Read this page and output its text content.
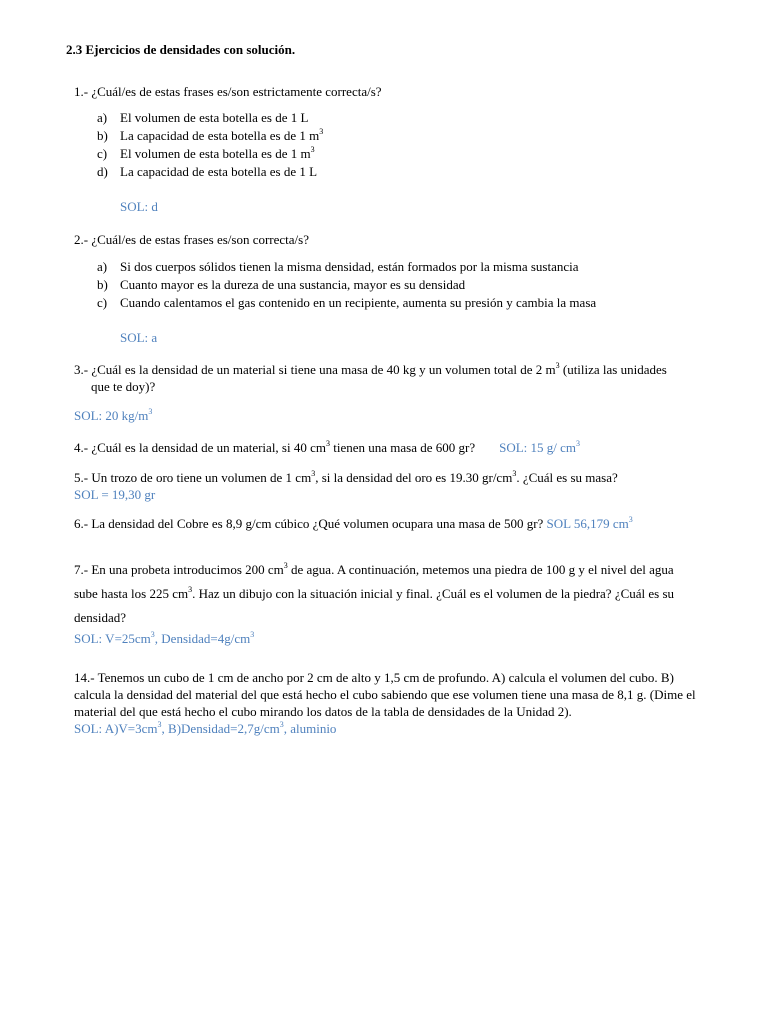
2.3 Ejercicios de densidades con solución.

1.- ¿Cuál/es de estas frases es/son estrictamente correcta/s?

a) El volumen de esta botella es de 1 L
b) La capacidad de esta botella es de 1 $m^3$
c) El volumen de esta botella es de 1 $m^3$
d) La capacidad de esta botella es de 1 L
SOL: d

2.- ¿Cuál/es de estas frases es/son correcta/s?

a) Si dos cuerpos sólidos tienen la misma densidad, están formados por la misma sustancia
b) Cuanto mayor es la dureza de una sustancia, mayor es su densidad
c) Cuando calentamos el gas contenido en un recipiente, aumenta su presión y cambia la masa
SOL: a

3.- ¿Cuál es la densidad de un material si tiene una masa de 40 kg y un volumen total de 2 $m^3$ (utiliza las unidades que te doy)?

SOL: 20 $kg/m^3$

4.- ¿Cuál es la densidad de un material, si 40 $cm^3$ tienen una masa de 600 gr? SOL: 15 g/ $cm^3$

5.- Un trozo de oro tiene un volumen de 1 $cm^3$, si la densidad del oro es 19.30 $gr/cm^3$. ¿Cuál es su masa?

SOL = 19,30 gr

6.- La densidad del Cobre es 8,9 g/cm cúbico ¿Qué volumen ocupara una masa de 500 gr? SOL 56,179 $cm^3$

7.- En una probeta introducimos 200 $cm^3$ de agua. A continuación, metemos una piedra de 100 g y el nivel del agua sube hasta los 225 $cm^3$. Haz un dibujo con la situación inicial y final. ¿Cuál es el volumen de la piedra? ¿Cuál es su densidad?

SOL: $V=25cm^3$, $Densidad=4g/cm^3$

14.- Tenemos un cubo de 1 cm de ancho por 2 cm de alto y 1,5 cm de profundo. A) calcula el volumen del cubo. B) calcula la densidad del material del que está hecho el cubo sabiendo que ese volumen tiene una masa de 8,1 g. (Dime el material del que está hecho el cubo mirando los datos de la tabla de densidades de la Unidad 2).

SOL: $A)V=3cm^3$, $B)Densidad=2,7g/cm^3$, aluminio
